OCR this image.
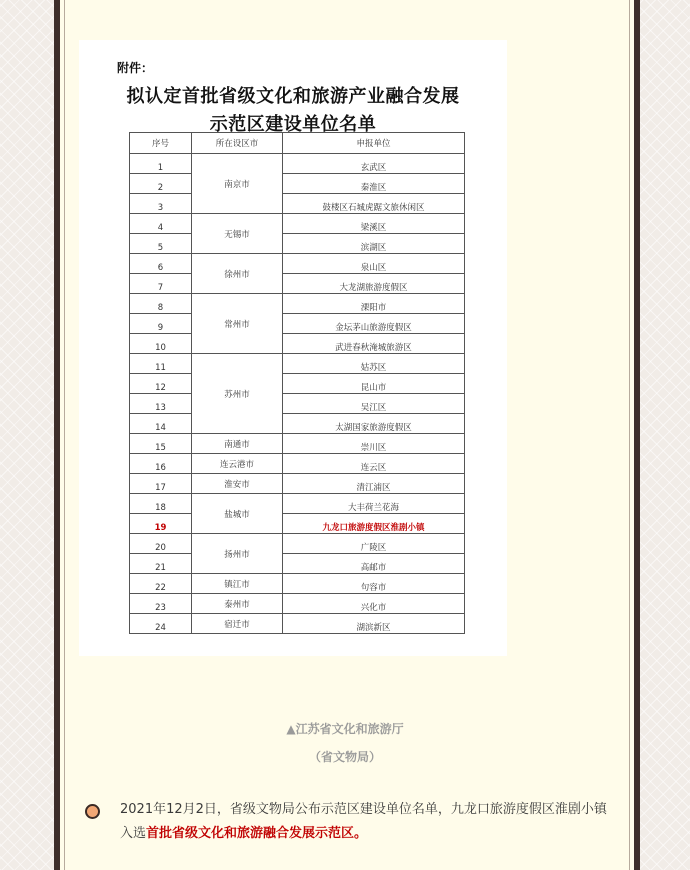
附件：
拟认定首批省级文化和旅游产业融合发展
示范区建设单位名单
序号	所在设区市	申报单位
1	南京市	玄武区
2		秦淮区
3		鼓楼区石城虎踞文旅休闲区
4	无锡市	梁溪区
5		滨湖区
6	徐州市	泉山区
7		大龙湖旅游度假区
8	常州市	溧阳市
9		金坛茅山旅游度假区
10		武进春秋淹城旅游区
11	苏州市	姑苏区
12		昆山市
13		吴江区
14		太湖国家旅游度假区
15	南通市	崇川区
16	连云港市	连云区
17	淮安市	清江浦区
18	盐城市	大丰荷兰花海
19		九龙口旅游度假区淮剧小镇
20	扬州市	广陵区
21		高邮市
22	镇江市	句容市
23	泰州市	兴化市
24	宿迁市	湖滨新区
▲江苏省文化和旅游厅
（省文物局）
2021年12月2日，省级文物局公布示范区建设单位名单，九龙口旅游度假区淮剧小镇入选首批省级文化和旅游融合发展示范区。
